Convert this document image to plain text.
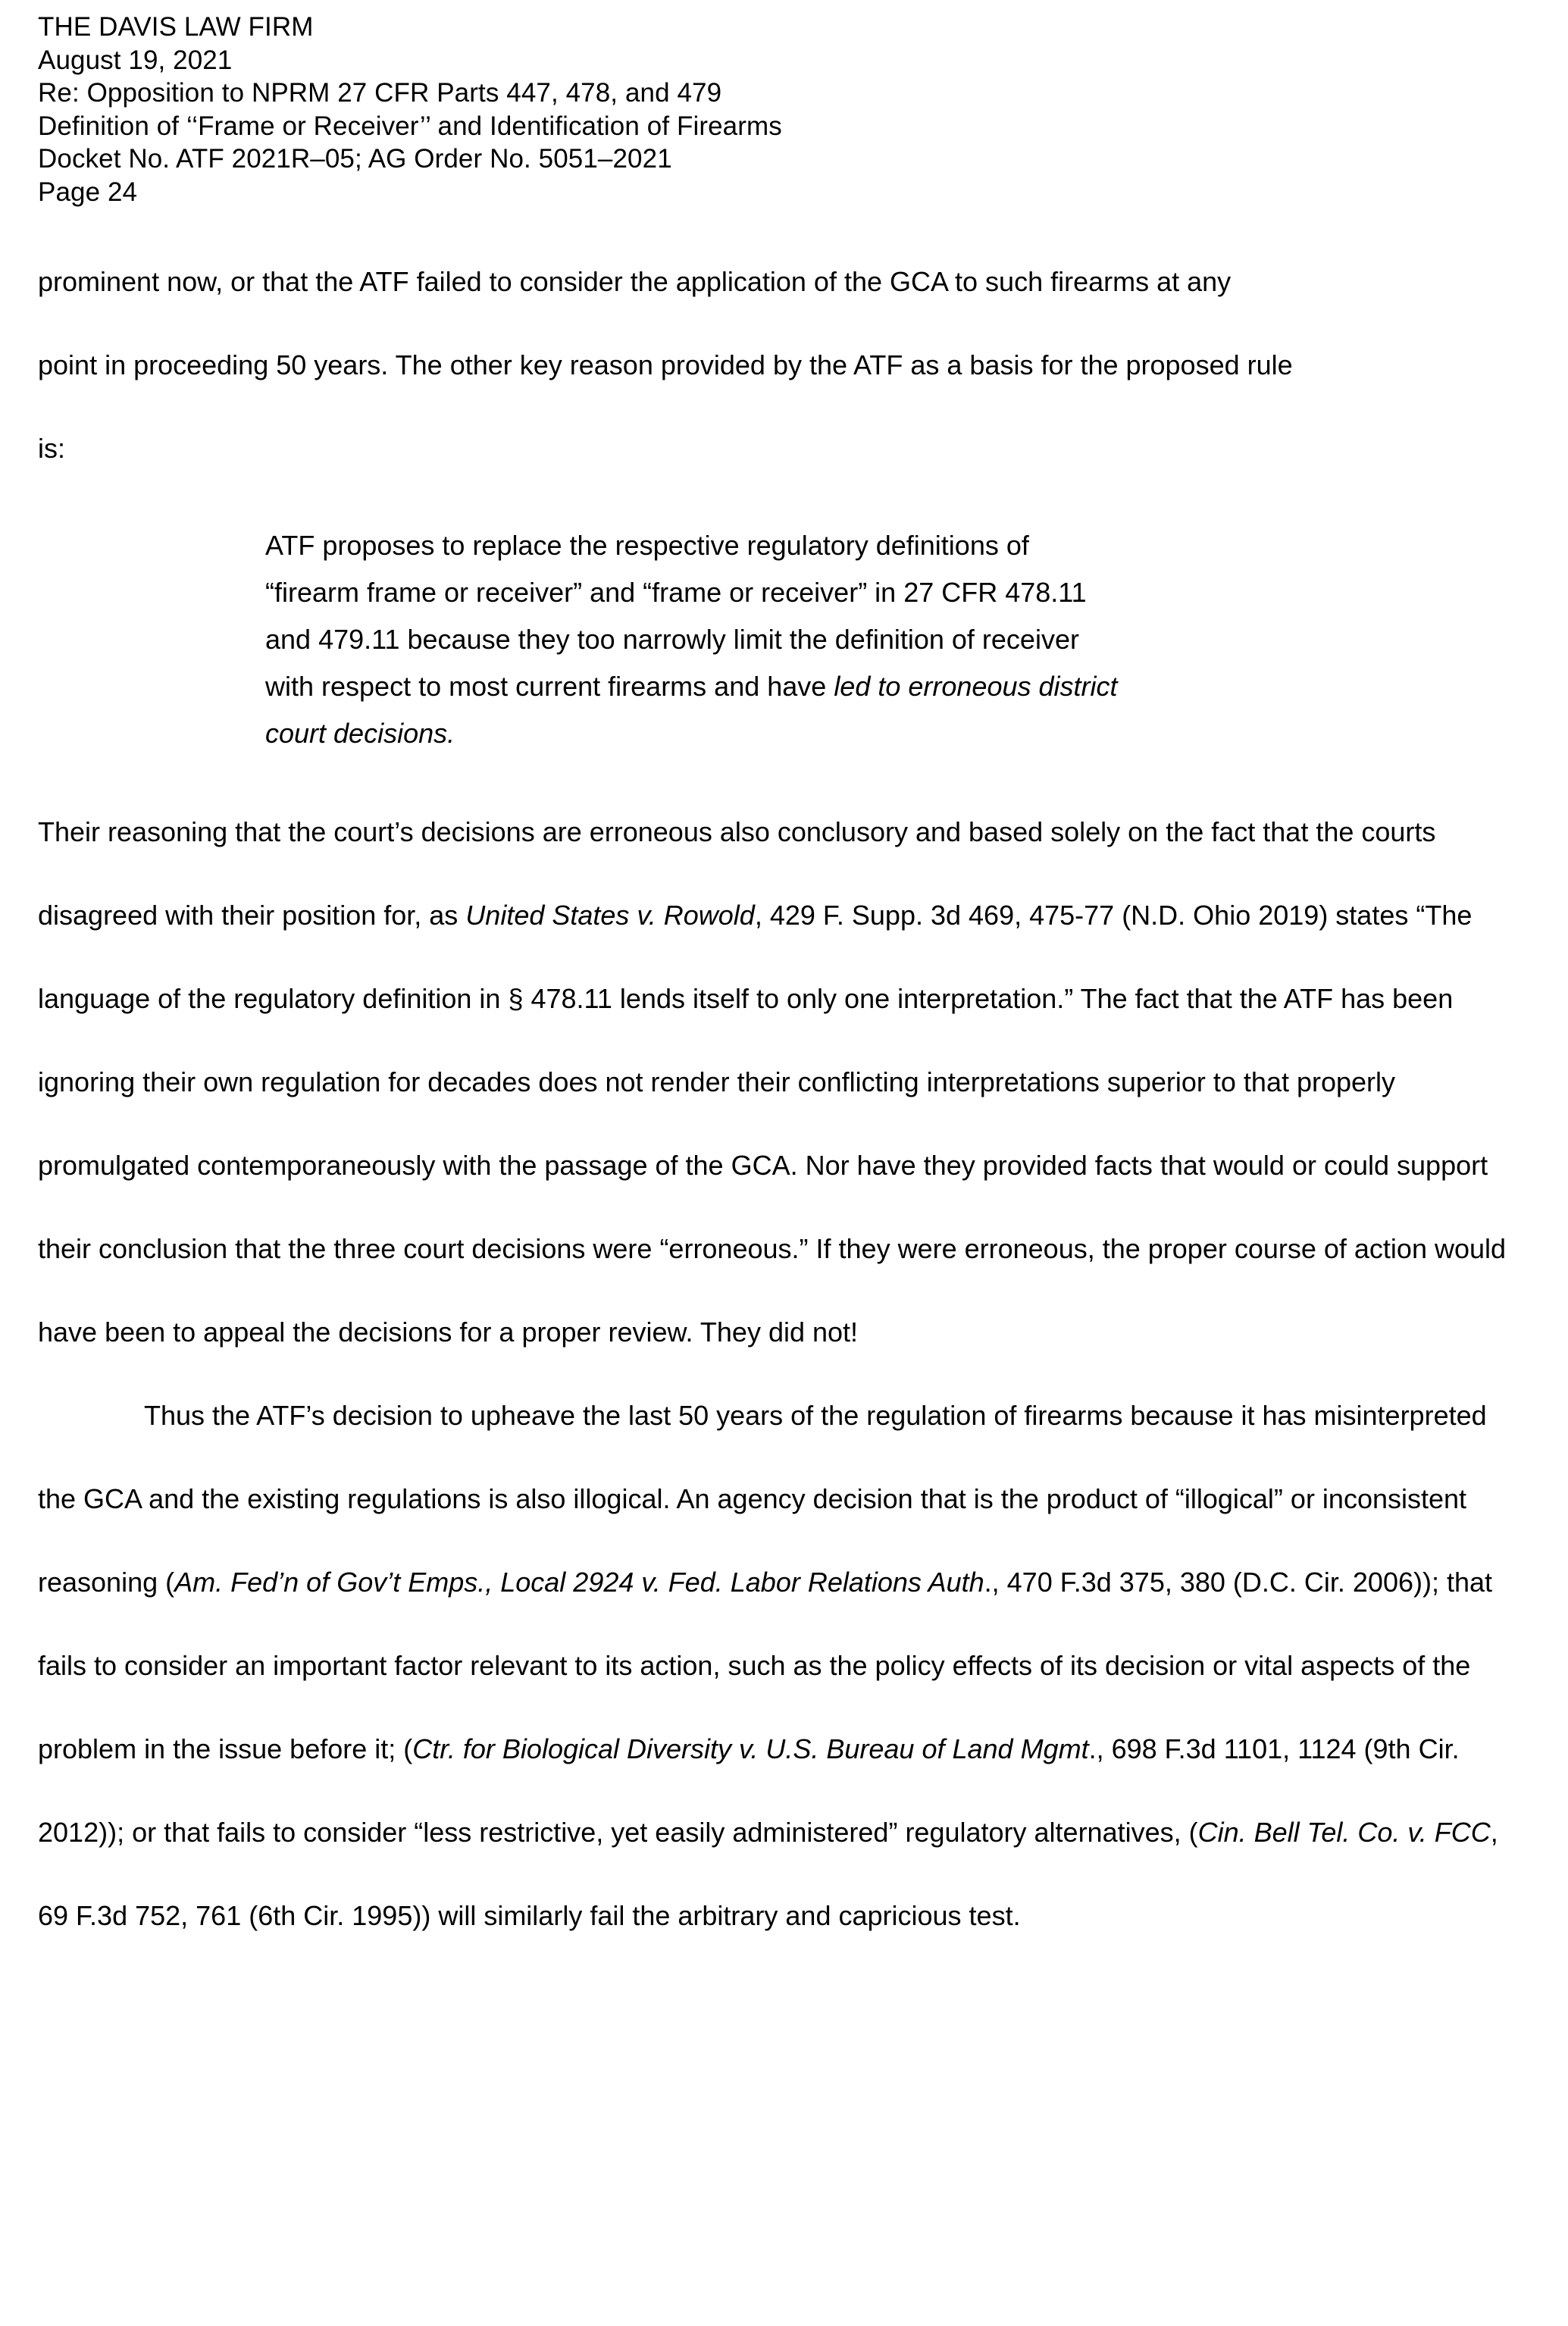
THE DAVIS LAW FIRM
August 19, 2021
Re: Opposition to NPRM 27 CFR Parts 447, 478, and 479
Definition of ‘‘Frame or Receiver’’ and Identification of Firearms
Docket No. ATF 2021R–05; AG Order No. 5051–2021
Page 24

prominent now, or that the ATF failed to consider the application of the GCA to such firearms at any

point in proceeding 50 years. The other key reason provided by the ATF as a basis for the proposed rule

is:

ATF proposes to replace the respective regulatory definitions of
“firearm frame or receiver” and “frame or receiver” in 27 CFR 478.11
and 479.11 because they too narrowly limit the definition of receiver
with respect to most current firearms and have led to erroneous district
court decisions.

Their reasoning that the court’s decisions are erroneous also conclusory and based solely on the fact that the courts disagreed with their position for, as United States v. Rowold, 429 F. Supp. 3d 469, 475-77 (N.D. Ohio 2019) states “The language of the regulatory definition in § 478.11 lends itself to only one interpretation.” The fact that the ATF has been ignoring their own regulation for decades does not render their conflicting interpretations superior to that properly promulgated contemporaneously with the passage of the GCA. Nor have they provided facts that would or could support their conclusion that the three court decisions were “erroneous.” If they were erroneous, the proper course of action would have been to appeal the decisions for a proper review. They did not!

Thus the ATF’s decision to upheave the last 50 years of the regulation of firearms because it has misinterpreted the GCA and the existing regulations is also illogical. An agency decision that is the product of “illogical” or inconsistent reasoning (Am. Fed’n of Gov’t Emps., Local 2924 v. Fed. Labor Relations Auth., 470 F.3d 375, 380 (D.C. Cir. 2006)); that fails to consider an important factor relevant to its action, such as the policy effects of its decision or vital aspects of the problem in the issue before it; (Ctr. for Biological Diversity v. U.S. Bureau of Land Mgmt., 698 F.3d 1101, 1124 (9th Cir. 2012)); or that fails to consider “less restrictive, yet easily administered” regulatory alternatives, (Cin. Bell Tel. Co. v. FCC, 69 F.3d 752, 761 (6th Cir. 1995)) will similarly fail the arbitrary and capricious test.
